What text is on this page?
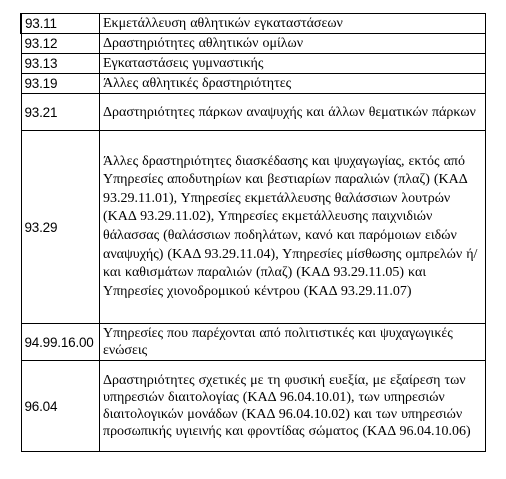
93.11	Εκμετάλλευση αθλητικών εγκαταστάσεων
93.12	Δραστηριότητες αθλητικών ομίλων
93.13	Εγκαταστάσεις γυμναστικής
93.19	Άλλες αθλητικές δραστηριότητες
93.21	Δραστηριότητες πάρκων αναψυχής και άλλων θεματικών πάρκων
93.29	Άλλες δραστηριότητες διασκέδασης και ψυχαγωγίας, εκτός από Υπηρεσίες αποδυτηρίων και βεστιαρίων παραλιών (πλαζ) (ΚΑΔ 93.29.11.01), Υπηρεσίες εκμετάλλευσης θαλάσσιων λουτρών (ΚΑΔ 93.29.11.02), Υπηρεσίες εκμετάλλευσης παιχνιδιών θάλασσας (θαλάσσιων ποδηλάτων, κανό και παρόμοιων ειδών αναψυχής) (ΚΑΔ 93.29.11.04), Υπηρεσίες μίσθωσης ομπρελών ή/ και καθισμάτων παραλιών (πλαζ) (ΚΑΔ 93.29.11.05) και Υπηρεσίες χιονοδρομικού κέντρου (ΚΑΔ 93.29.11.07)
94.99.16.00	Υπηρεσίες που παρέχονται από πολιτιστικές και ψυχαγωγικές ενώσεις
96.04	Δραστηριότητες σχετικές με τη φυσική ευεξία, με εξαίρεση των υπηρεσιών διαιτολογίας (ΚΑΔ 96.04.10.01), των υπηρεσιών διαιτολογικών μονάδων (ΚΑΔ 96.04.10.02) και των υπηρεσιών προσωπικής υγιεινής και φροντίδας σώματος (ΚΑΔ 96.04.10.06)
